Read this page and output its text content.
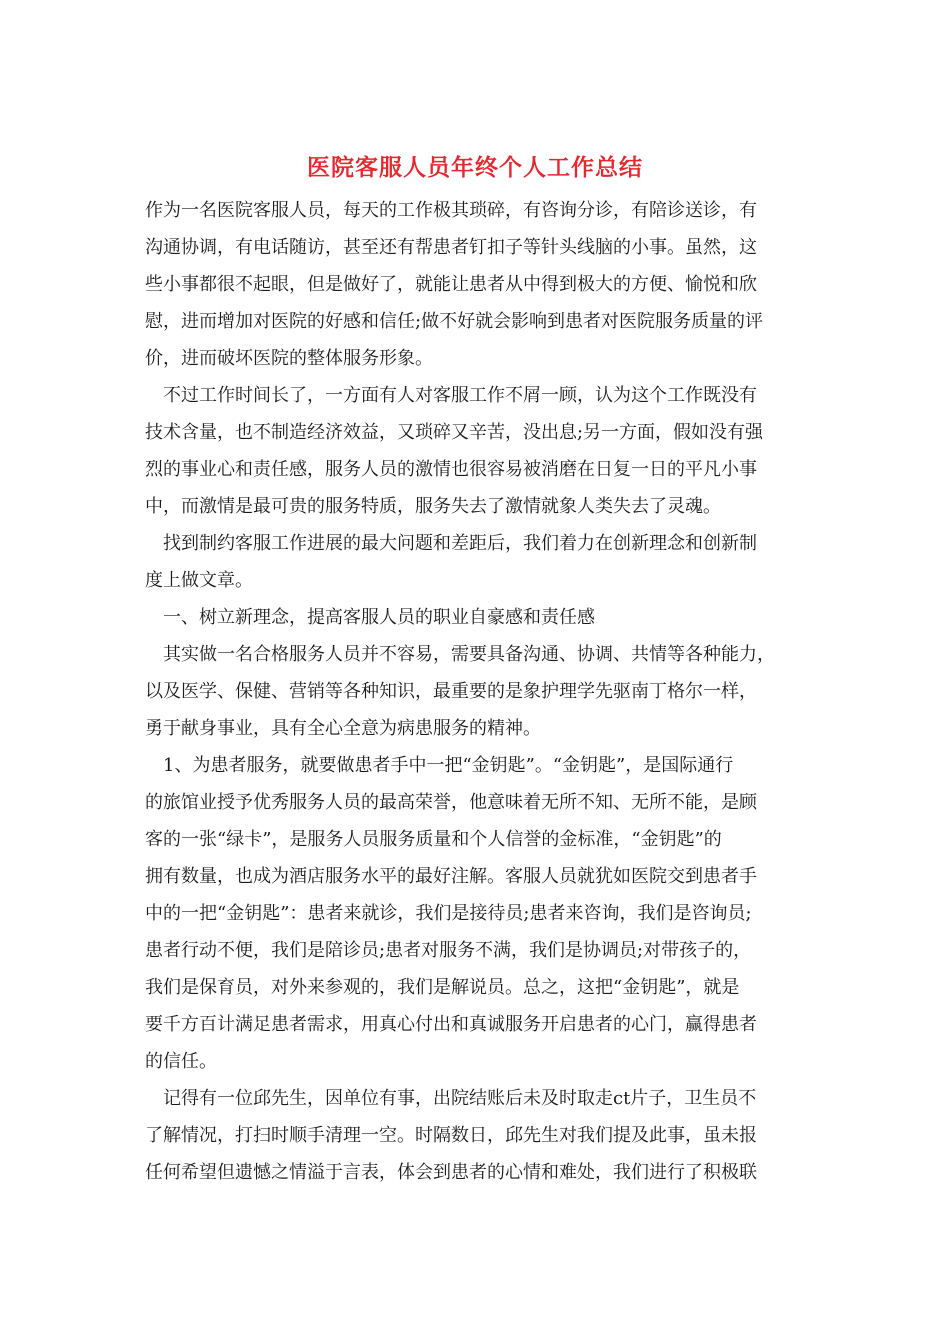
医院客服人员年终个人工作总结
作为一名医院客服人员，每天的工作极其琐碎，有咨询分诊，有陪诊送诊，有
沟通协调，有电话随访，甚至还有帮患者钉扣子等针头线脑的小事。虽然，这
些小事都很不起眼，但是做好了，就能让患者从中得到极大的方便、愉悦和欣
慰，进而增加对医院的好感和信任;做不好就会影响到患者对医院服务质量的评
价，进而破坏医院的整体服务形象。
不过工作时间长了，一方面有人对客服工作不屑一顾，认为这个工作既没有
技术含量，也不制造经济效益，又琐碎又辛苦，没出息;另一方面，假如没有强
烈的事业心和责任感，服务人员的激情也很容易被消磨在日复一日的平凡小事
中，而激情是最可贵的服务特质，服务失去了激情就象人类失去了灵魂。
找到制约客服工作进展的最大问题和差距后，我们着力在创新理念和创新制
度上做文章。
一、树立新理念，提高客服人员的职业自豪感和责任感
其实做一名合格服务人员并不容易，需要具备沟通、协调、共情等各种能力，
以及医学、保健、营销等各种知识，最重要的是象护理学先驱南丁格尔一样，
勇于献身事业，具有全心全意为病患服务的精神。
1、为患者服务，就要做患者手中一把“金钥匙”。“金钥匙”，是国际通行
的旅馆业授予优秀服务人员的最高荣誉，他意味着无所不知、无所不能，是顾
客的一张“绿卡”，是服务人员服务质量和个人信誉的金标准，“金钥匙”的
拥有数量，也成为酒店服务水平的最好注解。客服人员就犹如医院交到患者手
中的一把“金钥匙”：患者来就诊，我们是接待员;患者来咨询，我们是咨询员;
患者行动不便，我们是陪诊员;患者对服务不满，我们是协调员;对带孩子的，
我们是保育员，对外来参观的，我们是解说员。总之，这把“金钥匙”，就是
要千方百计满足患者需求，用真心付出和真诚服务开启患者的心门，赢得患者
的信任。
记得有一位邱先生，因单位有事，出院结账后未及时取走ct片子，卫生员不
了解情况，打扫时顺手清理一空。时隔数日，邱先生对我们提及此事，虽未报
任何希望但遗憾之情溢于言表，体会到患者的心情和难处，我们进行了积极联
